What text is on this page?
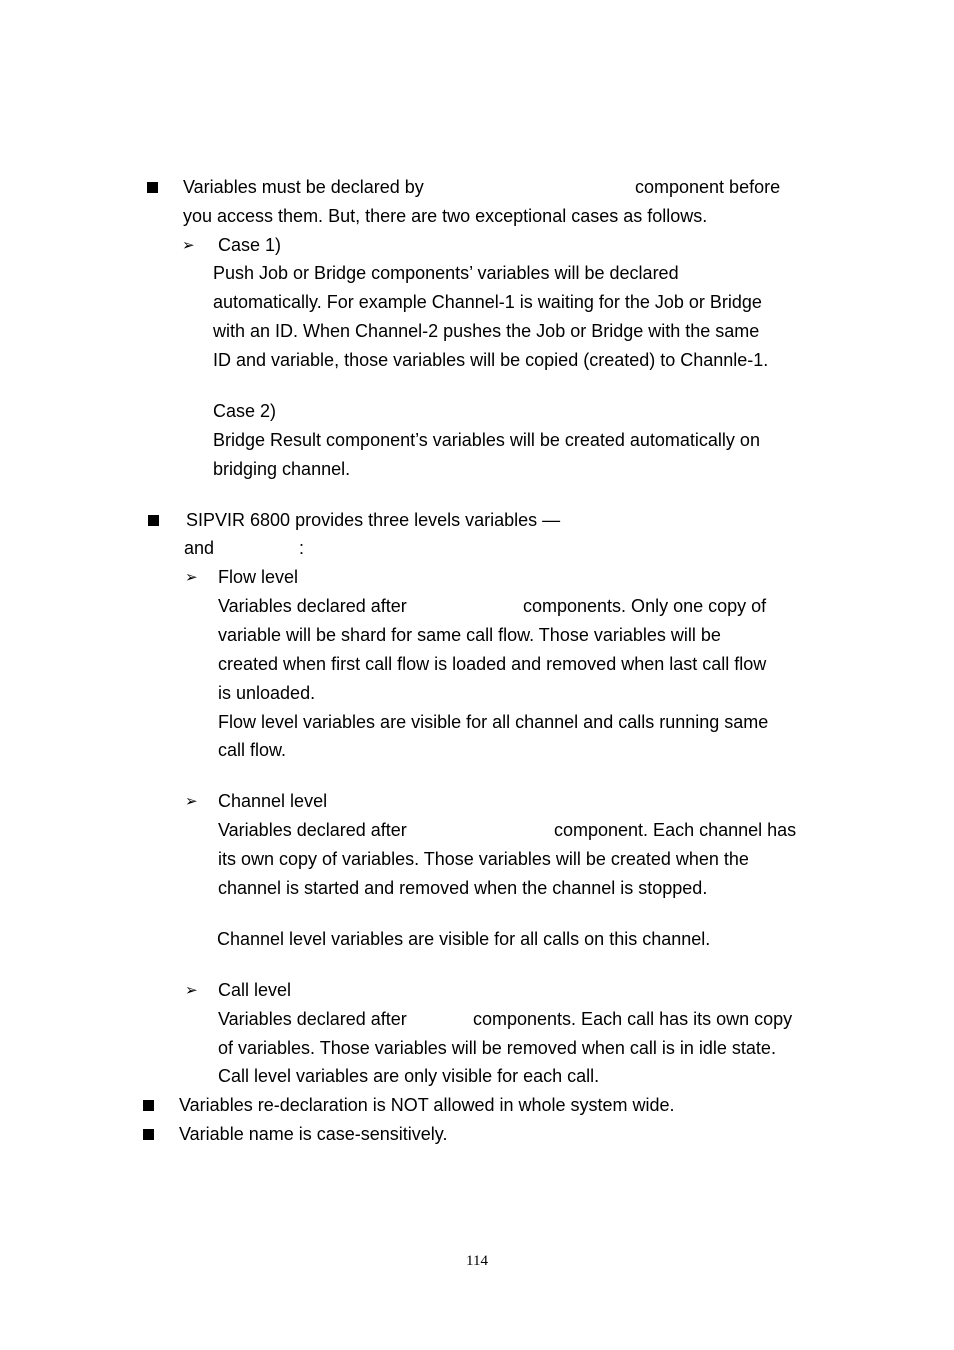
Variables must be declared by	component before
you access them. But, there are two exceptional cases as follows.
➢ Case 1)
Push Job or Bridge components’ variables will be declared
automatically. For example Channel-1 is waiting for the Job or Bridge
with an ID. When Channel-2 pushes the Job or Bridge with the same
ID and variable, those variables will be copied (created) to Channle-1.
Case 2)
Bridge Result component’s variables will be created automatically on
bridging channel.
SIPVIR 6800 provides three levels variables —
and	:
➢ Flow level
Variables declared after	components. Only one copy of
variable will be shard for same call flow. Those variables will be
created when first call flow is loaded and removed when last call flow
is unloaded.
Flow level variables are visible for all channel and calls running same
call flow.
➢ Channel level
Variables declared after	component. Each channel has
its own copy of variables. Those variables will be created when the
channel is started and removed when the channel is stopped.
Channel level variables are visible for all calls on this channel.
➢ Call level
Variables declared after	components. Each call has its own copy
of variables. Those variables will be removed when call is in idle state.
Call level variables are only visible for each call.
Variables re-declaration is NOT allowed in whole system wide.
Variable name is case-sensitively.
114
